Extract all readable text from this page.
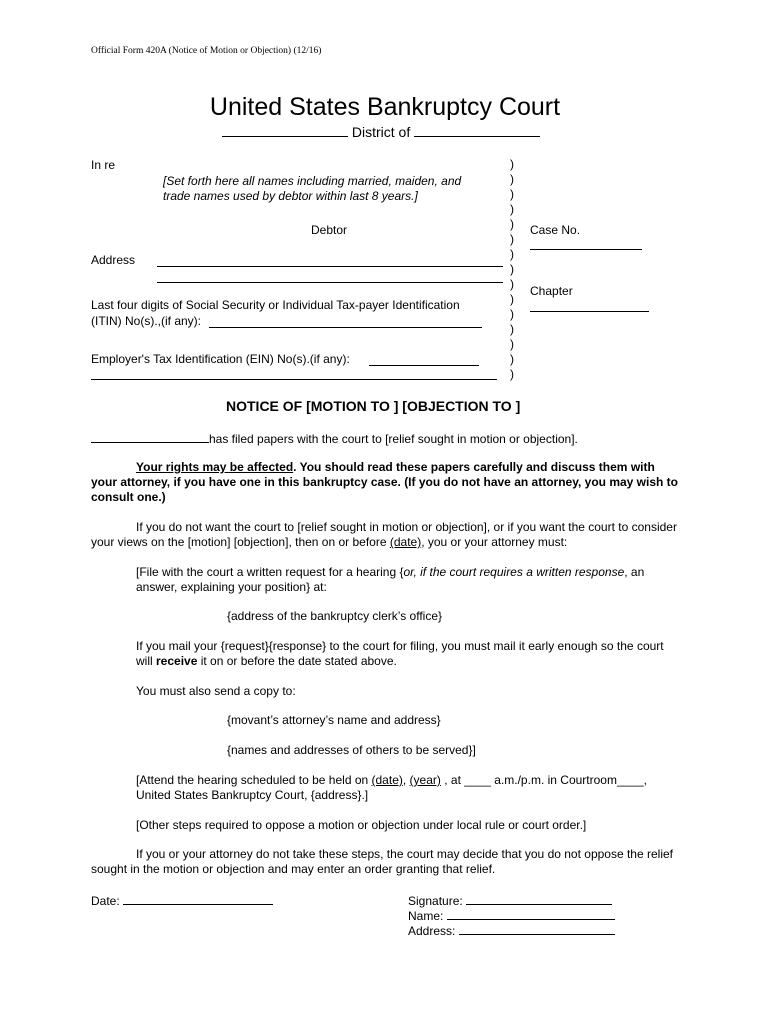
Official Form 420A (Notice of Motion or Objection) (12/16)
United States Bankruptcy Court
District of
In re
[Set forth here all names including married, maiden, and
trade names used by debtor within last 8 years.]
Debtor
Address
Last four digits of Social Security or Individual Tax-payer Identification
(ITIN) No(s).,(if any):
Employer's Tax Identification (EIN) No(s).(if any):
)
)
)
)
)
)
)
)
)
)
)
)
)
)
)
Case No.
Chapter
NOTICE OF [MOTION TO ] [OBJECTION TO ]
has filed papers with the court to [relief sought in motion or objection].
Your rights may be affected. You should read these papers carefully and discuss them with your attorney, if you have one in this bankruptcy case. (If you do not have an attorney, you may wish to consult one.)
If you do not want the court to [relief sought in motion or objection], or if you want the court to consider your views on the [motion] [objection], then on or before (date), you or your attorney must:
[File with the court a written request for a hearing {or, if the court requires a written response, an answer, explaining your position} at:
{address of the bankruptcy clerk’s office}
If you mail your {request}{response} to the court for filing, you must mail it early enough so the court will receive it on or before the date stated above.
You must also send a copy to:
{movant’s attorney’s name and address}
{names and addresses of others to be served}]
[Attend the hearing scheduled to be held on (date), (year) , at ____ a.m./p.m. in Courtroom____, United States Bankruptcy Court, {address}.]
[Other steps required to oppose a motion or objection under local rule or court order.]
If you or your attorney do not take these steps, the court may decide that you do not oppose the relief sought in the motion or objection and may enter an order granting that relief.
Date:	Signature:
Name:
Address:
